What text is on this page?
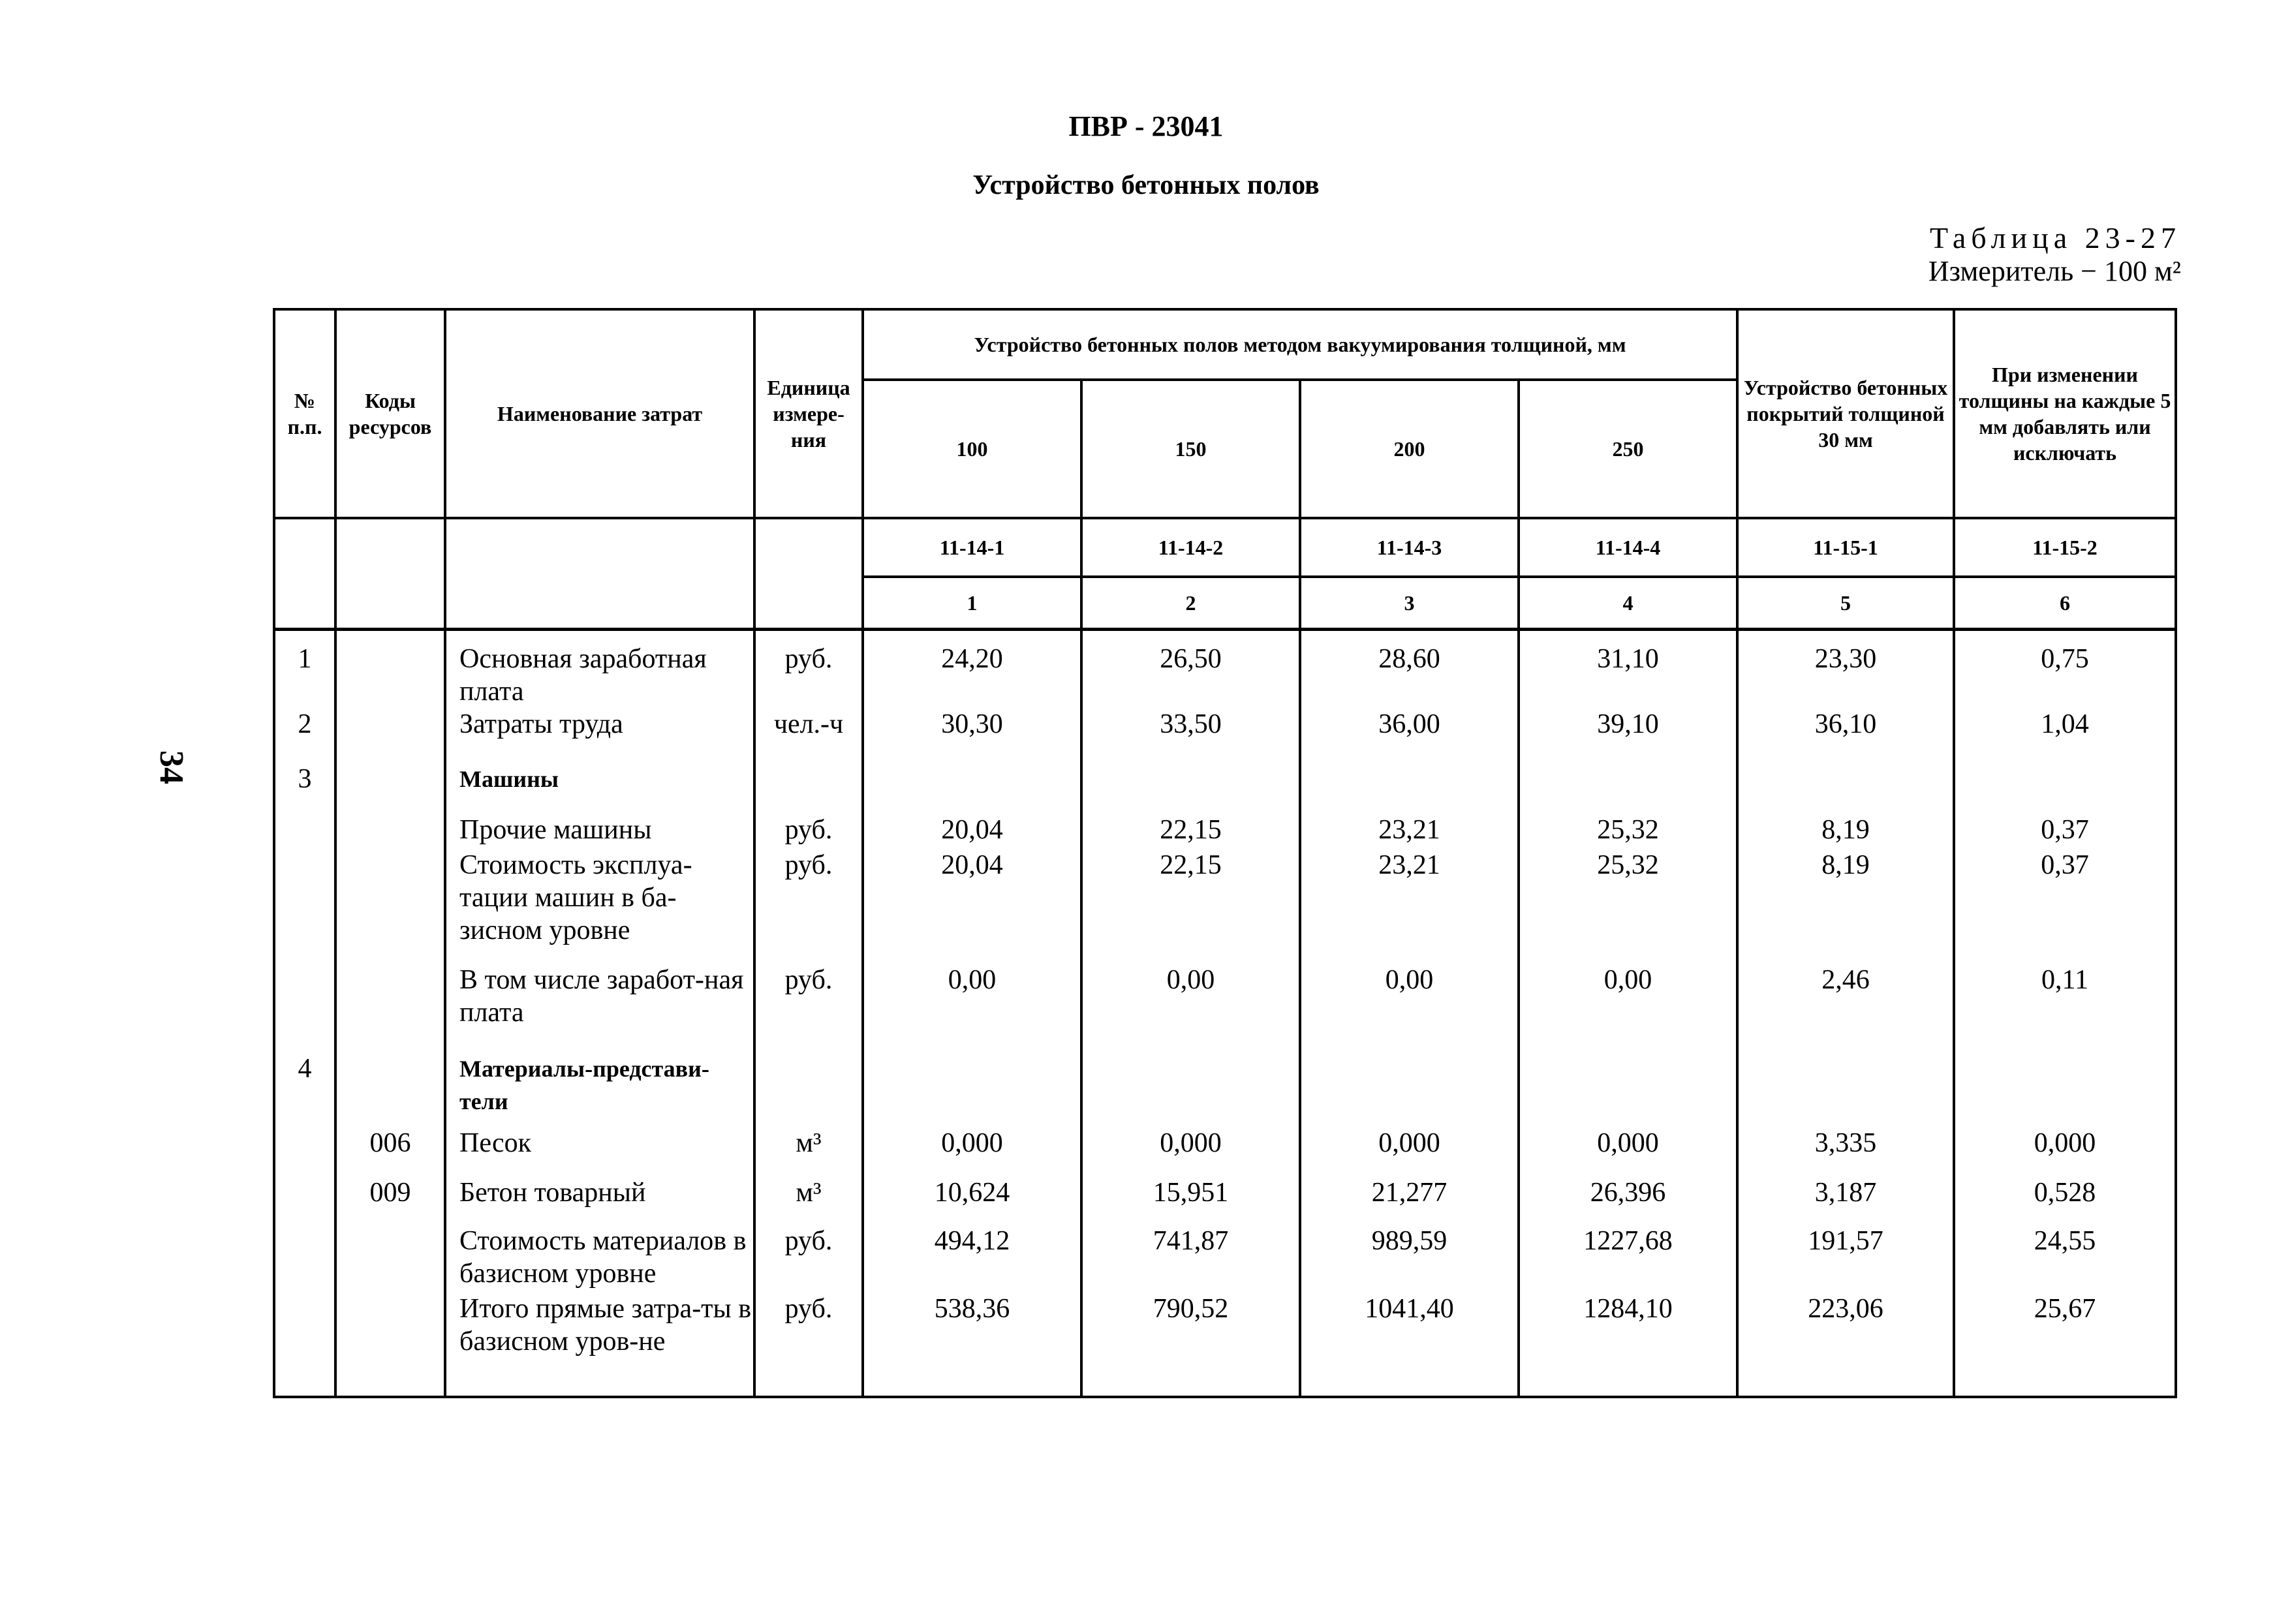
ПВР - 23041
Устройство бетонных полов
Таблица 23-27
Измеритель − 100 м²
34
№ п.п.	Коды ресурсов	Наименование затрат	Единица измере-ния	Устройство бетонных полов методом вакуумирования толщиной, мм				Устройство бетонных покрытий толщиной 30 мм	При изменении толщины на каждые 5 мм добавлять или исключать
				100	150	200	250		
				11-14-1	11-14-2	11-14-3	11-14-4	11-15-1	11-15-2
				1	2	3	4	5	6
1		Основная заработная плата	руб.	24,20	26,50	28,60	31,10	23,30	0,75
2		Затраты труда	чел.-ч	30,30	33,50	36,00	39,10	36,10	1,04
3		Машины							
		Прочие машины	руб.	20,04	22,15	23,21	25,32	8,19	0,37
		Стоимость эксплуа-тации машин в ба-зисном уровне	руб.	20,04	22,15	23,21	25,32	8,19	0,37
		В том числе заработ-ная плата	руб.	0,00	0,00	0,00	0,00	2,46	0,11
4		Материалы-представи-тели							
	006	Песок	м³	0,000	0,000	0,000	0,000	3,335	0,000
	009	Бетон товарный	м³	10,624	15,951	21,277	26,396	3,187	0,528
		Стоимость материалов в базисном уровне	руб.	494,12	741,87	989,59	1227,68	191,57	24,55
		Итого прямые затра-ты в базисном уров-не	руб.	538,36	790,52	1041,40	1284,10	223,06	25,67
